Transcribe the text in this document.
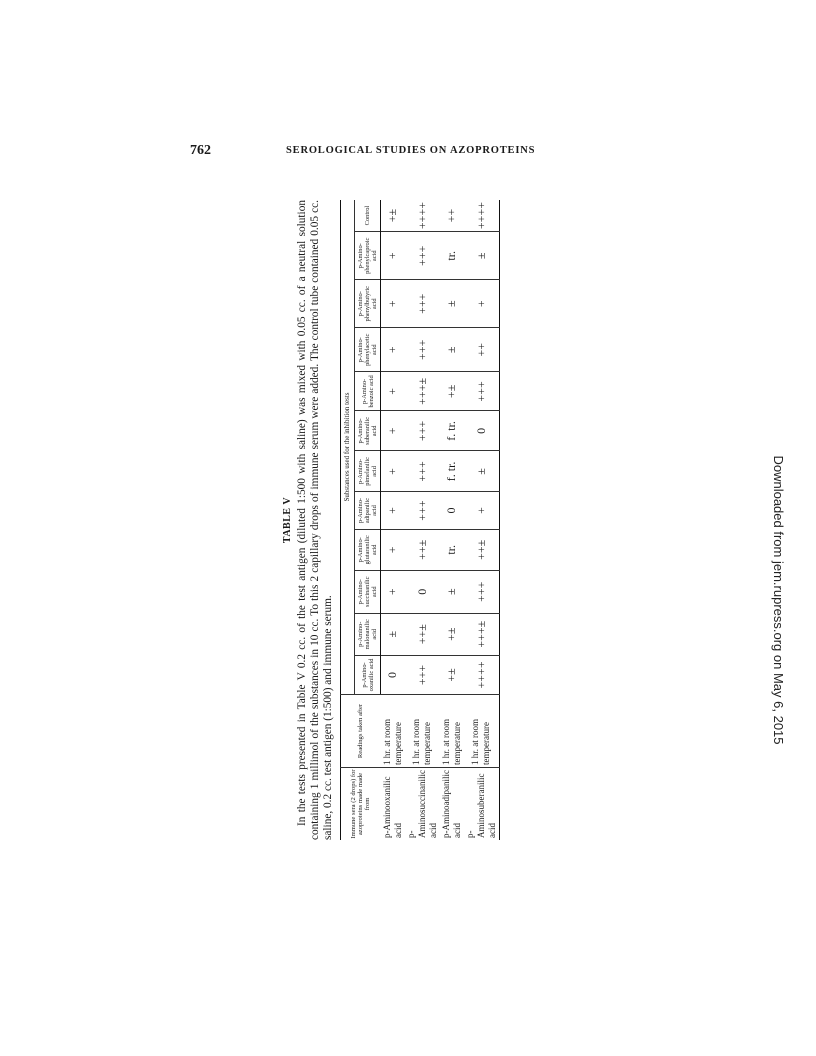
762	SEROLOGICAL STUDIES ON AZOPROTEINS
Downloaded from jem.rupress.org on May 6, 2015
TABLE V In the tests presented in Table V 0.2 cc. of the test antigen (diluted 1:500 with saline) was mixed with 0.05 cc. of a neutral solution containing 1 millimol of the substances in 10 cc. To this 2 capillary drops of immune serum were added. The control tube contained 0.05 cc. saline, 0.2 cc. test antigen (1:500) and immune serum. Immune sera (2 drops) for azoproteins made made from	Readings taken after	Substances used for the inhibition tests											
		p-Amino-oxanilic acid	p-Amino-malonanilic acid	p-Amino-succinanilic acid	p-Amino-glutaranilic acid	p-Amino-adipanilic acid	p-Amino-pimelanilic acid	p-Amino-suberanilic acid	p-Amino-benzoic acid	p-Amino-phenylacetic acid	p-Amino-phenylbutyric acid	p-Amino-phenylcaproic acid	Control
p-Aminooxanilic acid	1 hr. at room temperature	0	±	+	+	+	+	+	+	+	+	+	+±
p-Aminosuccinanilic acid	1 hr. at room temperature	+++	++±	0	++±	+++	+++	+++	+++±	+++	+++	+++	++++
p-Aminoadipanilic acid	1 hr. at room temperature	+±	+±	±	tr.	0	f. tr.	f. tr.	+±	±	±	tr.	++
p-Aminosuberanilic acid	1 hr. at room temperature	++++	+++±	+++	++±	+	±	0	+++	++	+	±	++++
